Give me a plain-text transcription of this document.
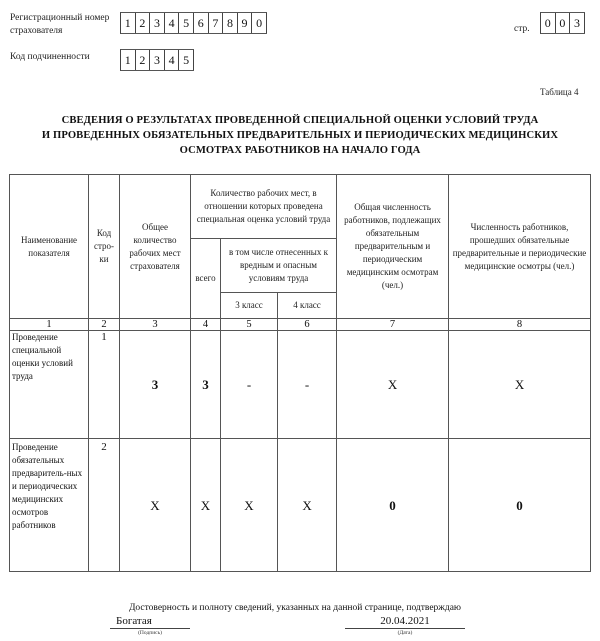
Регистрационный номер страхователя
1 2 3 4 5 6 7 8 9 0
Код подчиненности	1 2 3 4 5
стр.	0 0 3
Таблица 4
СВЕДЕНИЯ О РЕЗУЛЬТАТАХ ПРОВЕДЕННОЙ СПЕЦИАЛЬНОЙ ОЦЕНКИ УСЛОВИЙ ТРУДА
И ПРОВЕДЕННЫХ ОБЯЗАТЕЛЬНЫХ ПРЕДВАРИТЕЛЬНЫХ И ПЕРИОДИЧЕСКИХ МЕДИЦИНСКИХ
ОСМОТРАХ РАБОТНИКОВ НА НАЧАЛО ГОДА
Наименование показателя	Код стро-ки	Общее количество рабочих мест страхователя	Количество рабочих мест, в отношении которых проведена специальная оценка условий труда			Общая численность работников, подлежащих обязательным предварительным и периодическим медицинским осмотрам (чел.)	Численность работников, прошедших обязательные предварительные и периодические медицинские осмотры (чел.)
			всего	в том числе отнесенных к вредным и опасным условиям труда			
				3 класс	4 класс		
1	2	3	4	5	6	7	8
Проведение специальной оценки условий труда	1	3	3	-	-	X	X
Проведение обязательных предваритель-ных и периодических медицинских осмотров работников	2	X	X	X	X	0	0
Достоверность и полноту сведений, указанных на данной странице, подтверждаю
Богатая
(Подпись)
20.04.2021
(Дата)
